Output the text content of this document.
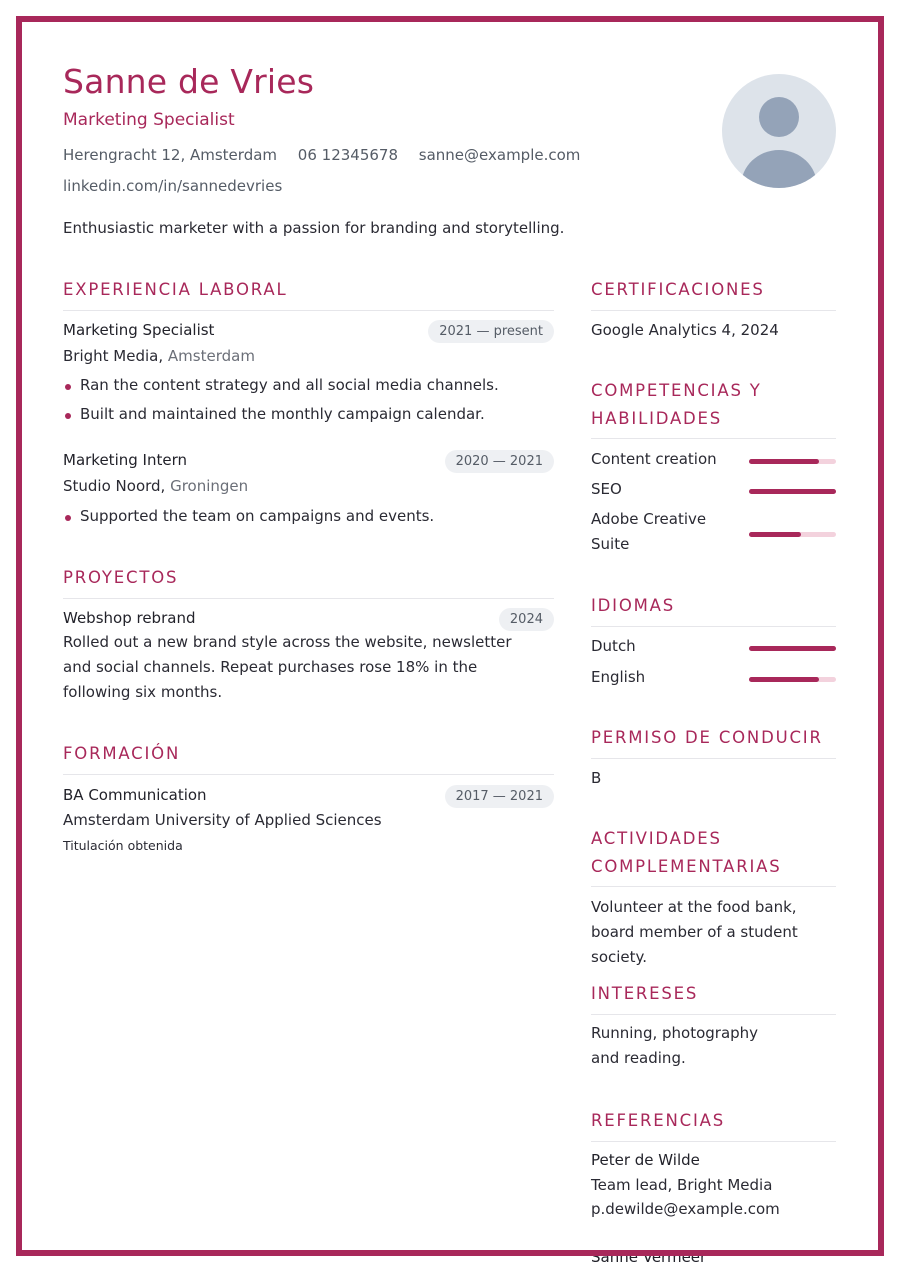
Sanne de Vries
Marketing Specialist
Herengracht 12, Amsterdam 06 12345678 sanne@example.com
linkedin.com/in/sannedevries
Enthusiastic marketer with a passion for branding and storytelling.
EXPERIENCIA LABORAL
Marketing Specialist	2021 — present
Bright Media, Amsterdam
Ran the content strategy and all social media channels.
Built and maintained the monthly campaign calendar.
Marketing Intern	2020 — 2021
Studio Noord, Groningen
Supported the team on campaigns and events.
PROYECTOS
Webshop rebrand	2024
Rolled out a new brand style across the website, newsletter and social channels. Repeat purchases rose 18% in the following six months.
FORMACIÓN
BA Communication	2017 — 2021
Amsterdam University of Applied Sciences
Titulación obtenida
CERTIFICACIONES
Google Analytics 4, 2024
COMPETENCIAS Y HABILIDADES
Content creation
SEO
Adobe Creative Suite
IDIOMAS
Dutch
English
PERMISO DE CONDUCIR
B
ACTIVIDADES COMPLEMENTARIAS
Volunteer at the food bank, board member of a student society.
INTERESES
Running, photography and reading.
REFERENCIAS
Peter de Wilde
Team lead, Bright Media
p.dewilde@example.com
Sanne Vermeer
